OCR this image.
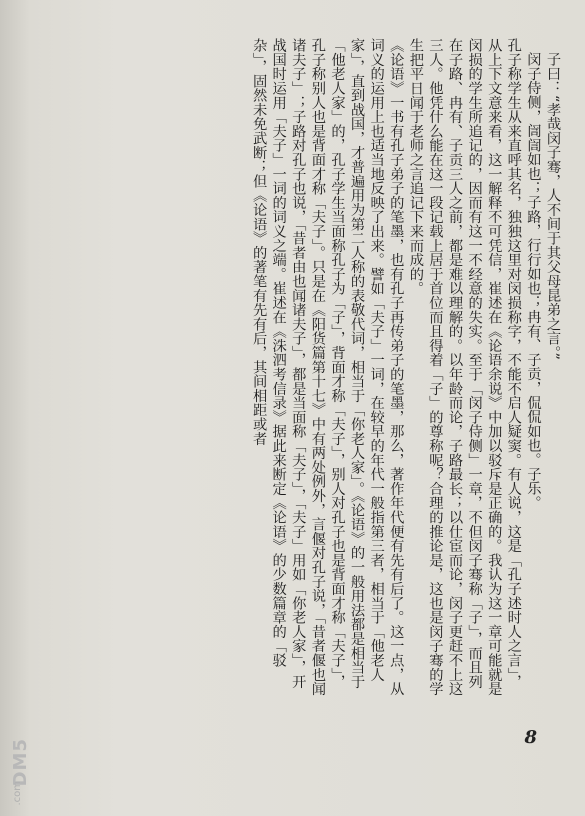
子曰：“孝哉闵子骞，人不间于其父母昆弟之言。”

闵子侍侧，訚訚如也；子路，行行如也；冉有、子贡，侃侃如也。子乐。

孔子称学生从来直呼其名，独独这里对闵损称字，不能不启人疑窦。有人说，这是「孔子述时人之言」，从上下文意来看，这一解释不可凭信，崔述在《论语余说》中加以驳斥是正确的。我认为这一章可能就是闵损的学生所追记的，因而有这一不经意的失实。至于「闵子侍侧」一章，不但闵子骞称「子」，而且列在子路、冉有、子贡三人之前，都是难以理解的。以年龄而论，子路最长；以仕宦而论，闵子更赶不上这三人。他凭什么能在这一段记载上居于首位而且得着「子」的尊称呢？合理的推论是，这也是闵子骞的学生把平日闻于老师之言追记下来而成的。

《论语》一书有孔子弟子的笔墨，也有孔子再传弟子的笔墨，那么，著作年代便有先有后了。这一点，从词义的运用上也适当地反映了出来。譬如「夫子」一词，在较早的年代一般指第三者，相当于「他老人家」，直到战国，才普遍用为第二人称的表敬代词，相当于「你老人家」。《论语》的一般用法都是相当于「他老人家」的，孔子学生当面称孔子为「子」，背面才称「夫子」，别人对孔子也是背面才称「夫子」，孔子称别人也是背面才称「夫子」。只是在《阳货篇第十七》中有两处例外，言偃对孔子说，「昔者偃也闻诸夫子」；子路对孔子也说，「昔者由也闻诸夫子」，都是当面称「夫子」，「夫子」用如「你老人家」，开战国时运用「夫子」一词的词义之端。崔述在《洙泗考信录》据此来断定《论语》的少数篇章的「驳杂」，固然未免武断；但《论语》的著笔有先有后，其间相距或者

8
DM5
.com
